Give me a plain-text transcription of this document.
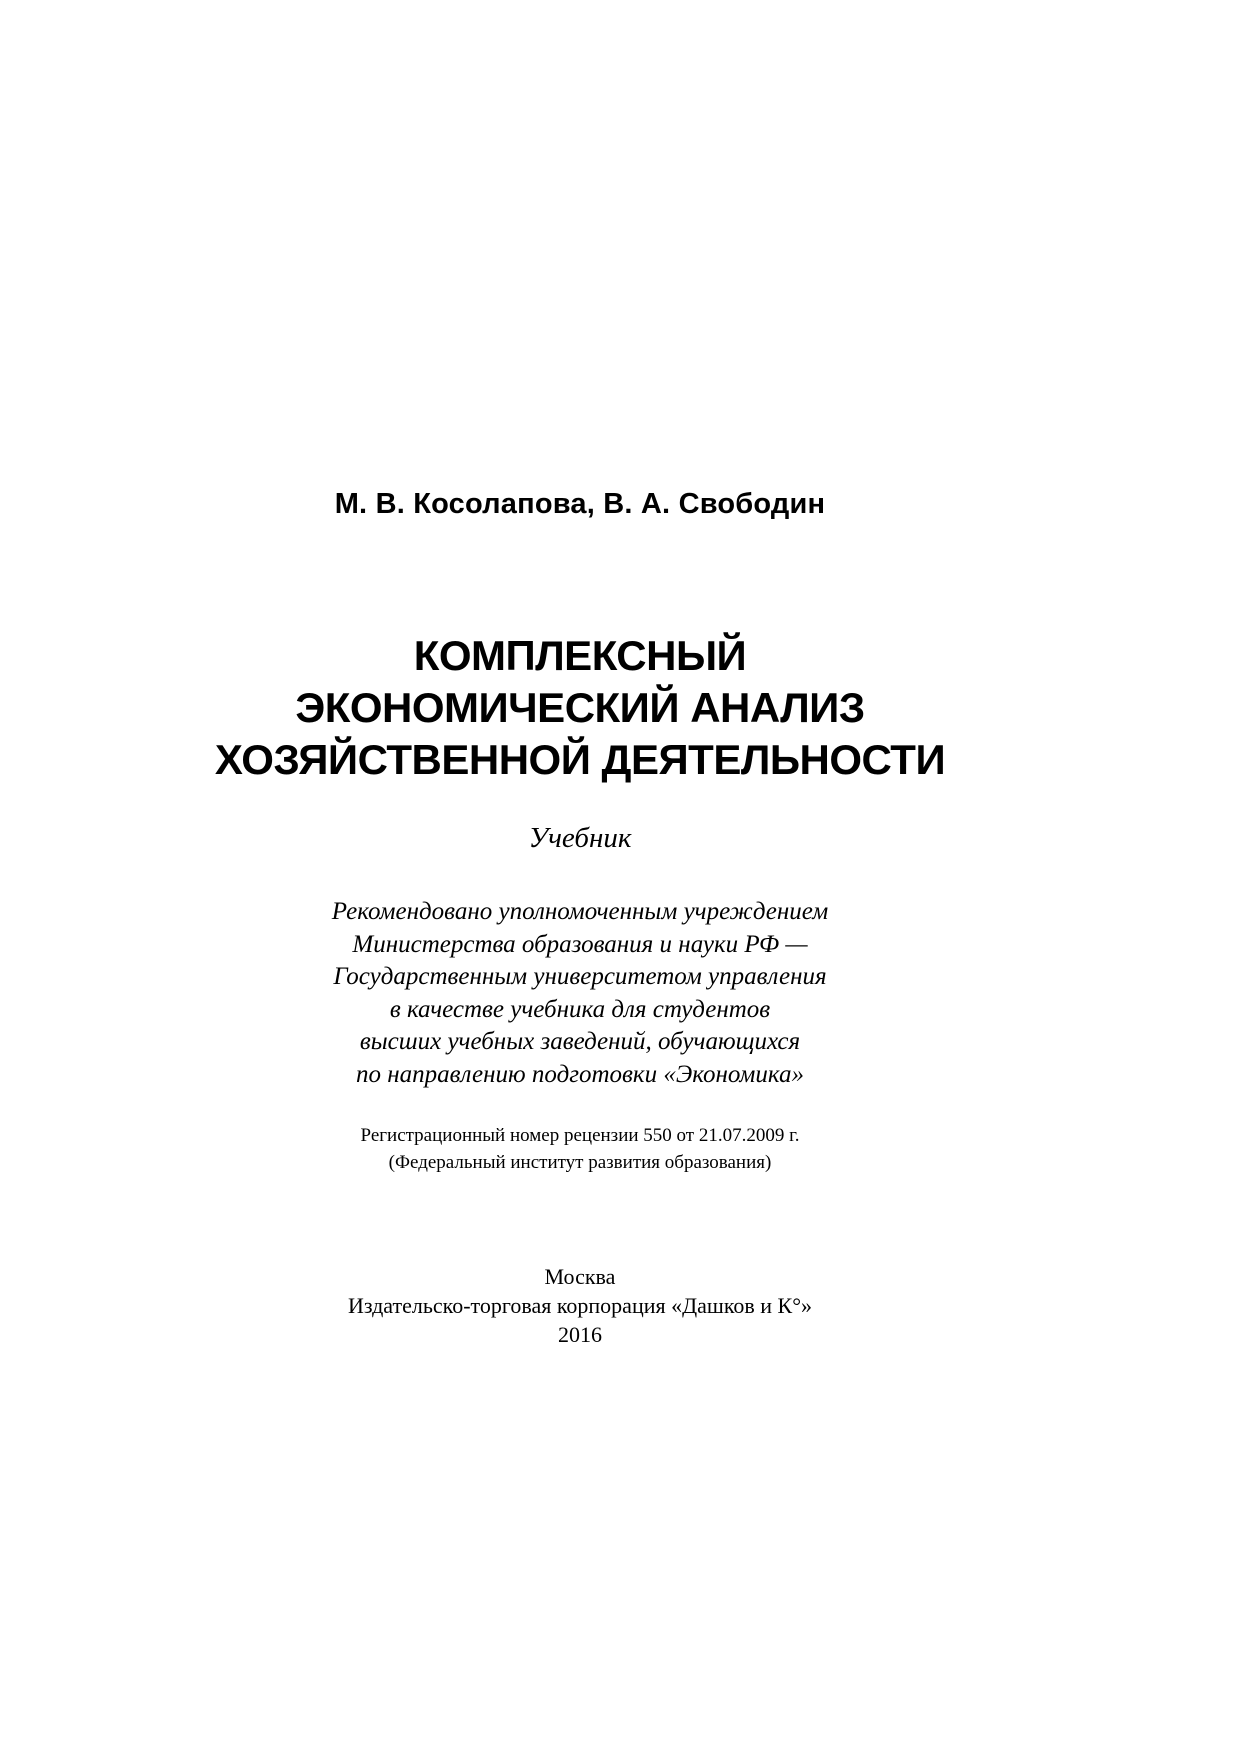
М. В. Косолапова, В. А. Свободин
КОМПЛЕКСНЫЙ
ЭКОНОМИЧЕСКИЙ АНАЛИЗ
ХОЗЯЙСТВЕННОЙ ДЕЯТЕЛЬНОСТИ
Учебник
Рекомендовано уполномоченным учреждением
Министерства образования и науки РФ —
Государственным университетом управления
в качестве учебника для студентов
высших учебных заведений, обучающихся
по направлению подготовки «Экономика»
Регистрационный номер рецензии 550 от 21.07.2009 г.
(Федеральный институт развития образования)
Москва
Издательско-торговая корпорация «Дашков и К°»
2016
